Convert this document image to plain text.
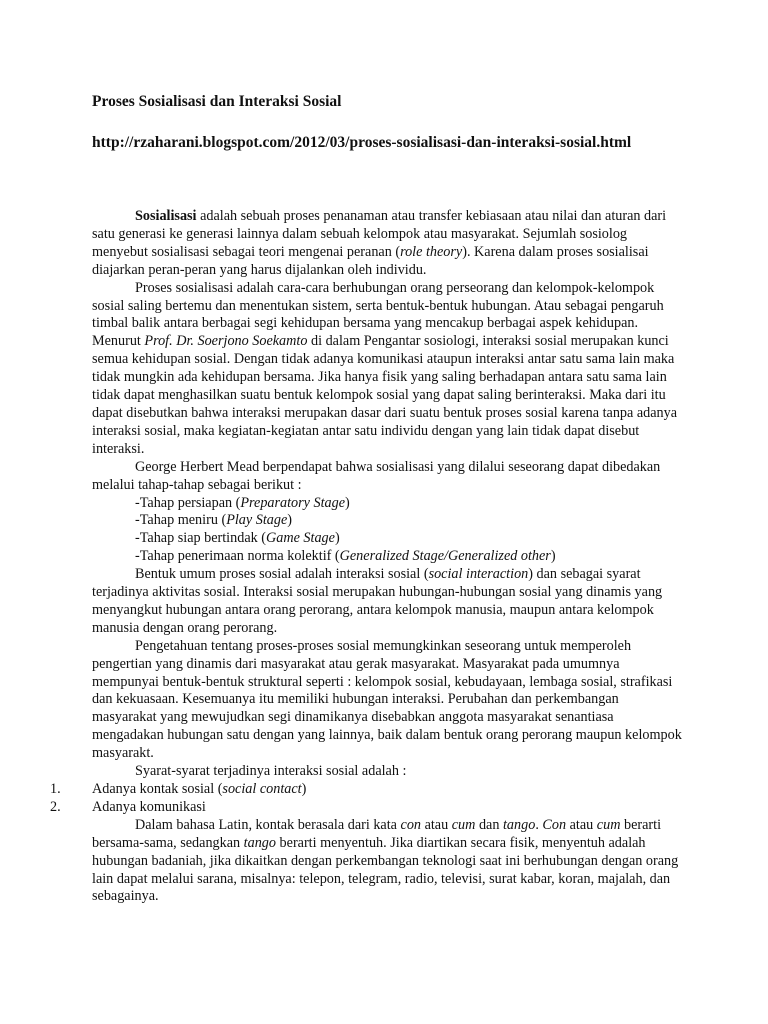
Proses Sosialisasi dan Interaksi Sosial
http://rzaharani.blogspot.com/2012/03/proses-sosialisasi-dan-interaksi-sosial.html

Sosialisasi adalah sebuah proses penanaman atau transfer kebiasaan atau nilai dan aturan dari satu generasi ke generasi lainnya dalam sebuah kelompok atau masyarakat. Sejumlah sosiolog menyebut sosialisasi sebagai teori mengenai peranan (role theory). Karena dalam proses sosialisai diajarkan peran-peran yang harus dijalankan oleh individu.

Proses sosialisasi adalah cara-cara berhubungan orang perseorang dan kelompok-kelompok sosial saling bertemu dan menentukan sistem, serta bentuk-bentuk hubungan. Atau sebagai pengaruh timbal balik antara berbagai segi kehidupan bersama yang mencakup berbagai aspek kehidupan. Menurut Prof. Dr. Soerjono Soekamto di dalam Pengantar sosiologi, interaksi sosial merupakan kunci semua kehidupan sosial. Dengan tidak adanya komunikasi ataupun interaksi antar satu sama lain maka tidak mungkin ada kehidupan bersama. Jika hanya fisik yang saling berhadapan antara satu sama lain tidak dapat menghasilkan suatu bentuk kelompok sosial yang dapat saling berinteraksi. Maka dari itu dapat disebutkan bahwa interaksi merupakan dasar dari suatu bentuk proses sosial karena tanpa adanya interaksi sosial, maka kegiatan-kegiatan antar satu individu dengan yang lain tidak dapat disebut interaksi.

George Herbert Mead berpendapat bahwa sosialisasi yang dilalui seseorang dapat dibedakan melalui tahap-tahap sebagai berikut :

-Tahap persiapan (Preparatory Stage)

-Tahap meniru (Play Stage)

-Tahap siap bertindak (Game Stage)

-Tahap penerimaan norma kolektif (Generalized Stage/Generalized other)

Bentuk umum proses sosial adalah interaksi sosial (social interaction) dan sebagai syarat terjadinya aktivitas sosial. Interaksi sosial merupakan hubungan-hubungan sosial yang dinamis yang menyangkut hubungan antara orang perorang, antara kelompok manusia, maupun antara kelompok manusia dengan orang perorang.

Pengetahuan tentang proses-proses sosial memungkinkan seseorang untuk memperoleh pengertian yang dinamis dari masyarakat atau gerak masyarakat. Masyarakat pada umumnya mempunyai bentuk-bentuk struktural seperti : kelompok sosial, kebudayaan, lembaga sosial, strafikasi dan kekuasaan. Kesemuanya itu memiliki hubungan interaksi. Perubahan dan perkembangan masyarakat yang mewujudkan segi dinamikanya disebabkan anggota masyarakat senantiasa mengadakan hubungan satu dengan yang lainnya, baik dalam bentuk orang perorang maupun kelompok masyarakt.

Syarat-syarat terjadinya interaksi sosial adalah :

1.	Adanya kontak sosial (social contact)

2.	Adanya komunikasi

Dalam bahasa Latin, kontak berasala dari kata con atau cum dan tango. Con atau cum berarti bersama-sama, sedangkan tango berarti menyentuh. Jika diartikan secara fisik, menyentuh adalah hubungan badaniah, jika dikaitkan dengan perkembangan teknologi saat ini berhubungan dengan orang lain dapat melalui sarana, misalnya: telepon, telegram, radio, televisi, surat kabar, koran, majalah, dan sebagainya.
